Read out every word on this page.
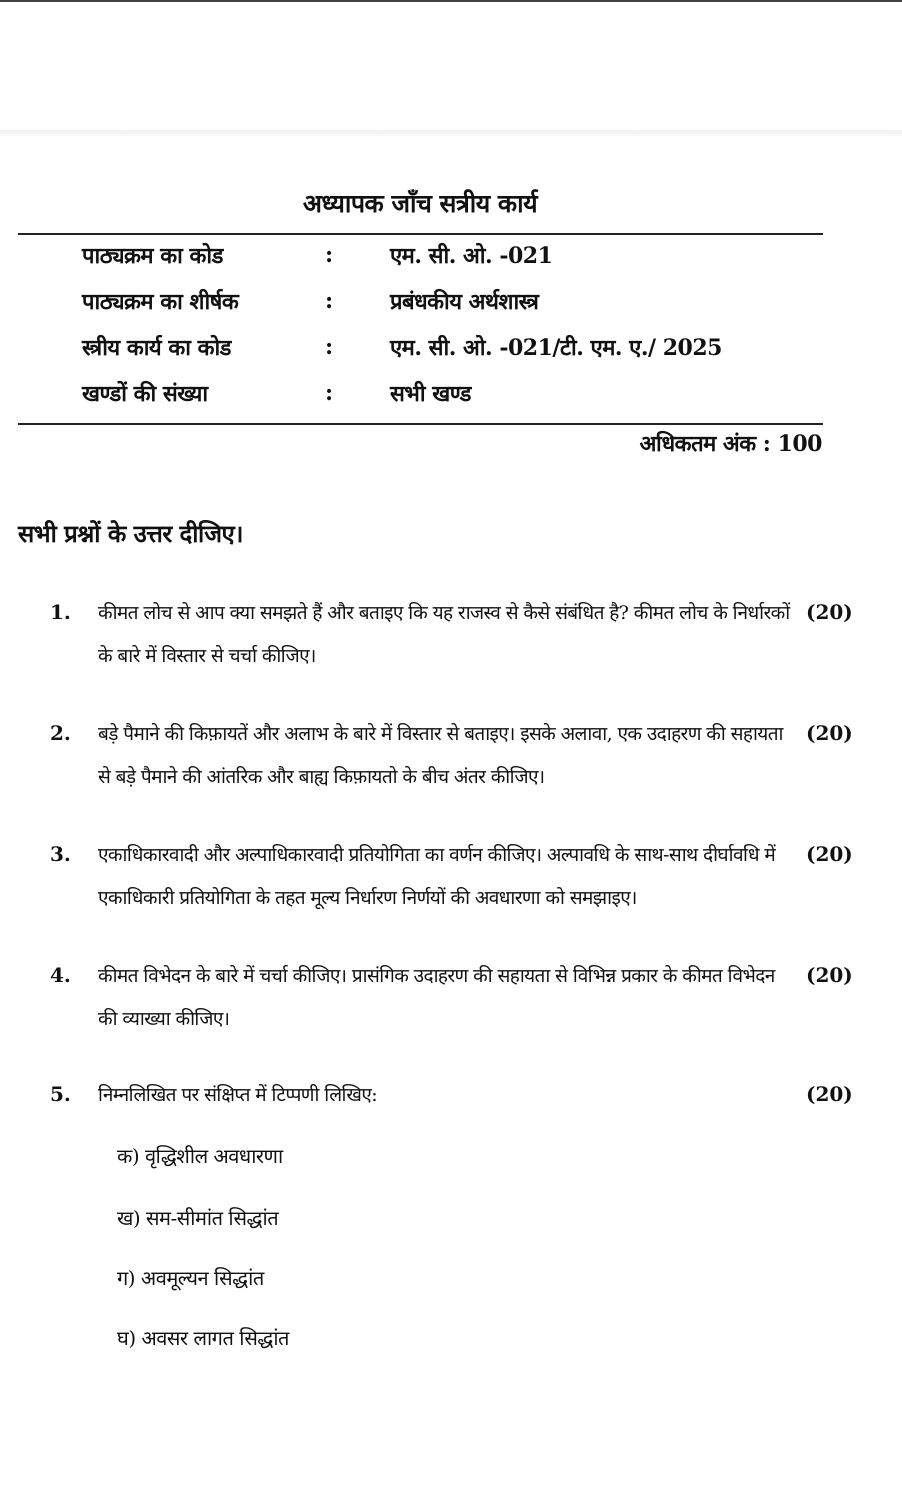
अध्यापक जाँच सत्रीय कार्य
पाठ्यक्रम का कोड	:	एम. सी. ओ. -021
पाठ्यक्रम का शीर्षक	:	प्रबंधकीय अर्थशास्त्र
स्त्रीय कार्य का कोड	:	एम. सी. ओ. -021/टी. एम. ए./ 2025
खण्डों की संख्या	:	सभी खण्ड
अधिकतम अंक : 100
सभी प्रश्नों के उत्तर दीजिए।
1. कीमत लोच से आप क्या समझते हैं और बताइए कि यह राजस्व से कैसे संबंधित है? कीमत लोच के निर्धारकों के बारे में विस्तार से चर्चा कीजिए।
(20)
2. बड़े पैमाने की किफ़ायतें और अलाभ के बारे में विस्तार से बताइए। इसके अलावा, एक उदाहरण की सहायता से बड़े पैमाने की आंतरिक और बाह्य किफ़ायतो के बीच अंतर कीजिए।
(20)
3. एकाधिकारवादी और अल्पाधिकारवादी प्रतियोगिता का वर्णन कीजिए। अल्पावधि के साथ-साथ दीर्घावधि में एकाधिकारी प्रतियोगिता के तहत मूल्य निर्धारण निर्णयों की अवधारणा को समझाइए।
(20)
4. कीमत विभेदन के बारे में चर्चा कीजिए। प्रासंगिक उदाहरण की सहायता से विभिन्न प्रकार के कीमत विभेदन की व्याख्या कीजिए।
(20)
5. निम्नलिखित पर संक्षिप्त में टिप्पणी लिखिए:	(20)
क) वृद्धिशील अवधारणा
ख) सम-सीमांत सिद्धांत
ग) अवमूल्यन सिद्धांत
घ) अवसर लागत सिद्धांत
